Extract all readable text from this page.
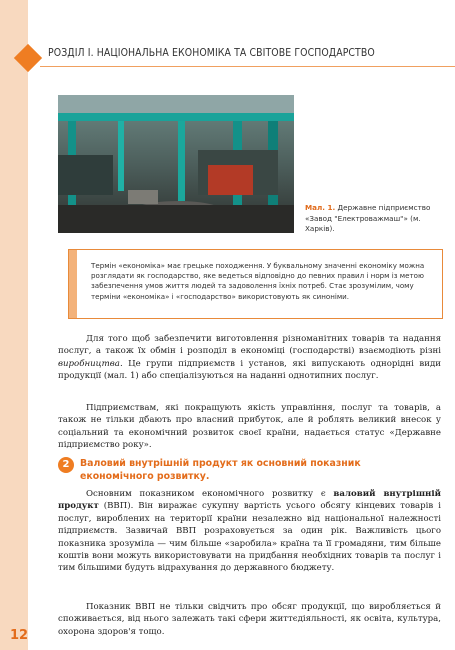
РОЗДІЛ І. НАЦІОНАЛЬНА ЕКОНОМІКА ТА СВІТОВЕ ГОСПОДАРСТВО
Мал. 1. Державне підприємство «Завод "Електроважмаш"» (м. Харків).
Термін «економіка» має грецьке походження. У буквальному значенні економіку можна розглядати як господарство, яке ведеться відповідно до певних правил і норм із метою забезпечення умов життя людей та задоволення їхніх потреб. Стає зрозумілим, чому терміни «економіка» і «господарство» використовують як синоніми.
Для того щоб забезпечити виготовлення різноманітних товарів та надання послуг, а також їх обмін і розподіл в економіці (господарстві) взаємодіють різні виробництва. Це групи підприємств і установ, які випускають однорідні види продукції (мал. 1) або спеціалізуються на наданні однотипних послуг.
Підприємствам, які покращують якість управління, послуг та товарів, а також не тільки дбають про власний прибуток, але й роблять великий внесок у соціальний та економічний розвиток своєї країни, надається статус «Державне підприємство року».
2	Валовий внутрішній продукт як основний показник економічного розвитку.
Основним показником економічного розвитку є валовий внутрішній продукт (ВВП). Він виражає сукупну вартість усього обсягу кінцевих товарів і послуг, вироблених на території країни незалежно від національної належності підприємств. Зазвичай ВВП розраховується за один рік. Важливість цього показника зрозуміла — чим більше «заробила» країна та її громадяни, тим більше коштів вони можуть використовувати на придбання необхідних товарів та послуг і тим більшими будуть відрахування до державного бюджету.
Показник ВВП не тільки свідчить про обсяг продукції, що виробляється й споживається, від нього залежать такі сфери життєдіяльності, як освіта, культура, охорона здоров'я тощо.
12
